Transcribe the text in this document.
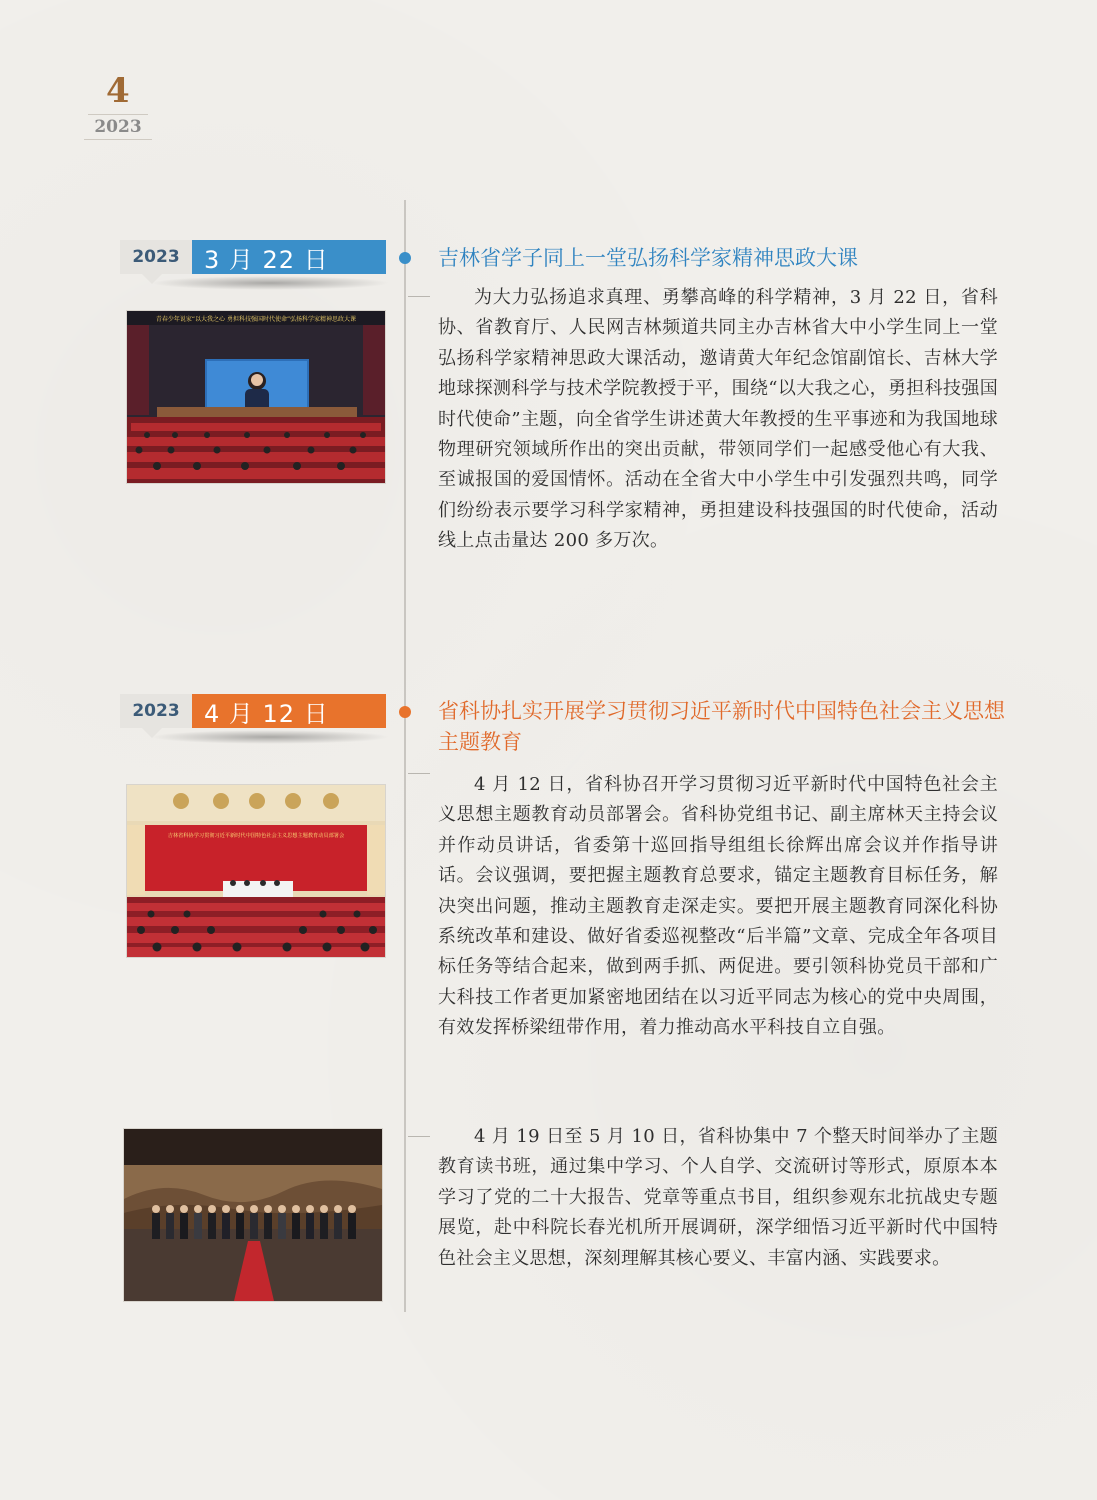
4
2023
2023	3 月 22 日	吉林省学子同上一堂弘扬科学家精神思政大课
为大力弘扬追求真理、勇攀高峰的科学精神，3 月 22 日，省科协、省教育厅、人民网吉林频道共同主办吉林省大中小学生同上一堂弘扬科学家精神思政大课活动，邀请黄大年纪念馆副馆长、吉林大学地球探测科学与技术学院教授于平，围绕“以大我之心，勇担科技强国时代使命”主题，向全省学生讲述黄大年教授的生平事迹和为我国地球物理研究领域所作出的突出贡献，带领同学们一起感受他心有大我、至诚报国的爱国情怀。活动在全省大中小学生中引发强烈共鸣，同学们纷纷表示要学习科学家精神，勇担建设科技强国的时代使命，活动线上点击量达 200 多万次。
青春少年说家“以大我之心 勇担科技强国时代使命”弘扬科学家精神思政大课
2023	4 月 12 日	省科协扎实开展学习贯彻习近平新时代中国特色社会主义思想主题教育
4 月 12 日，省科协召开学习贯彻习近平新时代中国特色社会主义思想主题教育动员部署会。省科协党组书记、副主席林天主持会议并作动员讲话，省委第十巡回指导组组长徐辉出席会议并作指导讲话。会议强调，要把握主题教育总要求，锚定主题教育目标任务，解决突出问题，推动主题教育走深走实。要把开展主题教育同深化科协系统改革和建设、做好省委巡视整改“后半篇”文章、完成全年各项目标任务等结合起来，做到两手抓、两促进。要引领科协党员干部和广大科技工作者更加紧密地团结在以习近平同志为核心的党中央周围，有效发挥桥梁纽带作用，着力推动高水平科技自立自强。
吉林省科协学习贯彻习近平新时代中国特色社会主义思想主题教育动员部署会
4 月 19 日至 5 月 10 日，省科协集中 7 个整天时间举办了主题教育读书班，通过集中学习、个人自学、交流研讨等形式，原原本本学习了党的二十大报告、党章等重点书目，组织参观东北抗战史专题展览，赴中科院长春光机所开展调研，深学细悟习近平新时代中国特色社会主义思想，深刻理解其核心要义、丰富内涵、实践要求。
